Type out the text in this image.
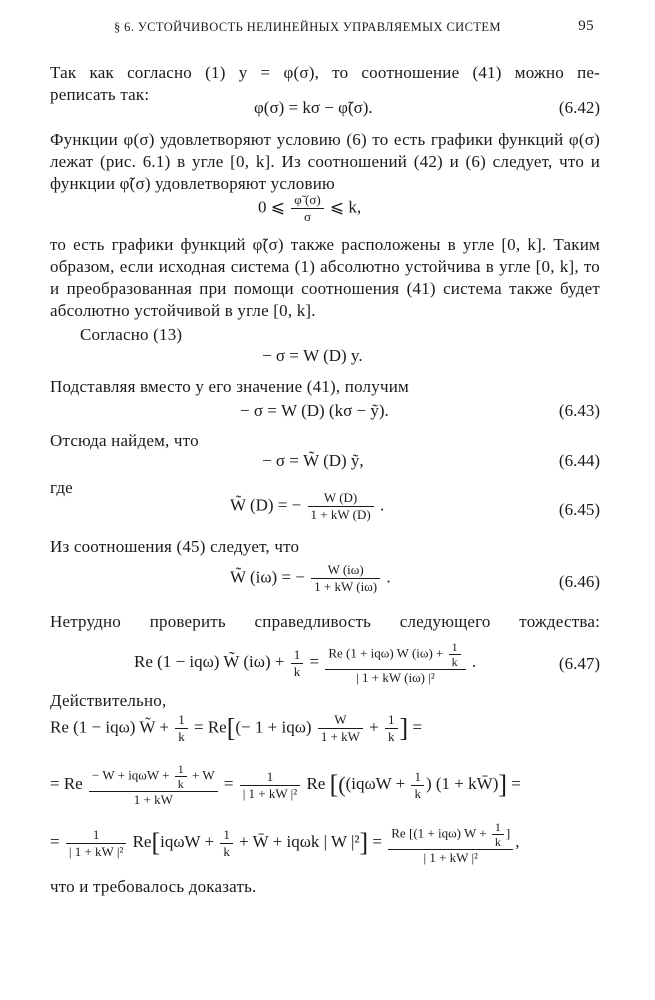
§ 6. УСТОЙЧИВОСТЬ НЕЛИНЕЙНЫХ УПРАВЛЯЕМЫХ СИСТЕМ	95
Так как согласно (1) y = φ(σ), то соотношение (41) можно пе-
реписать так:
φ(σ) = kσ − φ̃(σ).	(6.42)
Функции φ(σ) удовлетворяют условию (6) то есть графики функций φ(σ) лежат (рис. 6.1) в угле [0, k]. Из соотношений (42) и (6) следует, что и функции φ̃(σ) удовлетворяют условию
0 ⩽ $\frac{\varphĩ (\sigma)}{\sigma}$ ⩽ k,
то есть графики функций φ̃(σ) также расположены в угле [0, k]. Таким образом, если исходная система (1) абсолютно устойчива в угле [0, k], то и преобразованная при помощи соотношения (41) система также будет абсолютно устойчивой в угле [0, k].
Согласно (13)
− σ = W (D) y.
Подставляя вместо y его значение (41), получим
− σ = W (D) (kσ − ỹ).	(6.43)
Отсюда найдем, что
− σ = W̃ (D) ỹ,	(6.44)
где
W̃ (D) = − $\frac{W (D)}{1 + kW (D)}$ .	(6.45)
Из соотношения (45) следует, что
W̃ (iω) = − $\frac{W (i\omega)}{1 + kW (i\omega)}$ .	(6.46)
Нетрудно проверить справедливость следующего тождества:
Re (1 − iqω) W̃ $(i\omega) + \frac{1}{k} = \frac{Re (1 + iq\omega) W (i\omega) + \frac{1}{k}}{\text{| 1 + kW (iω) |²}}$ .	(6.47)
Действительно,
Re (1 − iqω) W̃ + $\frac{1}{k} = Re[(- 1 + iq\omega) \frac{W}{1 + kW} + \frac{1}{k}$ ] =
= $Re - W + iq\omega W + \frac{1}{k} + W$
1 + kW
= $\frac{1}{\text{| 1 + kW |²}}$ Re [(($iq\omega W + \frac{1}{k}$ ) (1 + kW̄)] =
= $\frac{1}{\text{| 1 + kW |²}} Re[iq\omega W + \frac{1}{k}$ + W̄ + iqωk | W |²] = Re [(1 + iqω) $W + \frac{1}{k}$ ]
| 1 + kW |²
,
что и требовалось доказать.
